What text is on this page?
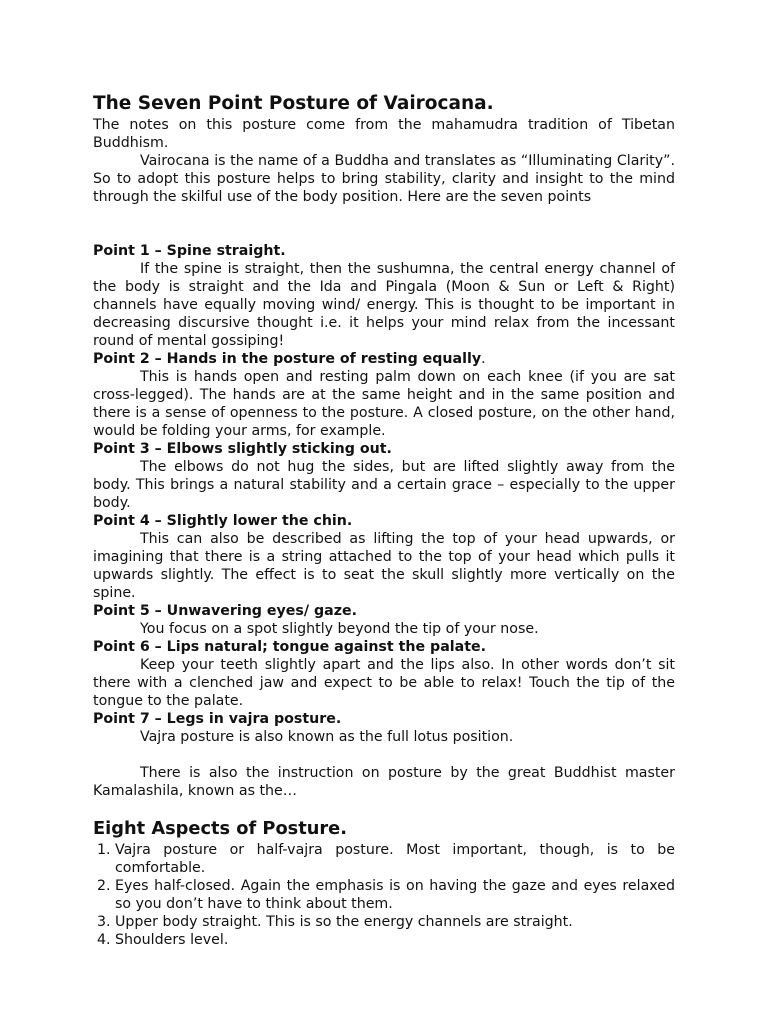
The Seven Point Posture of Vairocana.

The notes on this posture come from the mahamudra tradition of Tibetan Buddhism.

Vairocana is the name of a Buddha and translates as “Illuminating Clarity”. So to adopt this posture helps to bring stability, clarity and insight to the mind through the skilful use of the body position. Here are the seven points

Point 1 – Spine straight.

If the spine is straight, then the sushumna, the central energy channel of the body is straight and the Ida and Pingala (Moon & Sun or Left & Right) channels have equally moving wind/ energy. This is thought to be important in decreasing discursive thought i.e. it helps your mind relax from the incessant round of mental gossiping!

Point 2 – Hands in the posture of resting equally.

This is hands open and resting palm down on each knee (if you are sat cross-legged). The hands are at the same height and in the same position and there is a sense of openness to the posture. A closed posture, on the other hand, would be folding your arms, for example.

Point 3 – Elbows slightly sticking out.

The elbows do not hug the sides, but are lifted slightly away from the body. This brings a natural stability and a certain grace – especially to the upper body.

Point 4 – Slightly lower the chin.

This can also be described as lifting the top of your head upwards, or imagining that there is a string attached to the top of your head which pulls it upwards slightly. The effect is to seat the skull slightly more vertically on the spine.

Point 5 – Unwavering eyes/ gaze.

You focus on a spot slightly beyond the tip of your nose.

Point 6 – Lips natural; tongue against the palate.

Keep your teeth slightly apart and the lips also. In other words don’t sit there with a clenched jaw and expect to be able to relax! Touch the tip of the tongue to the palate.

Point 7 – Legs in vajra posture.

Vajra posture is also known as the full lotus position.

There is also the instruction on posture by the great Buddhist master Kamalashila, known as the…

Eight Aspects of Posture.
1. Vajra posture or half-vajra posture. Most important, though, is to be comfortable.
2. Eyes half-closed. Again the emphasis is on having the gaze and eyes relaxed so you don’t have to think about them.
3. Upper body straight. This is so the energy channels are straight.
4. Shoulders level.
